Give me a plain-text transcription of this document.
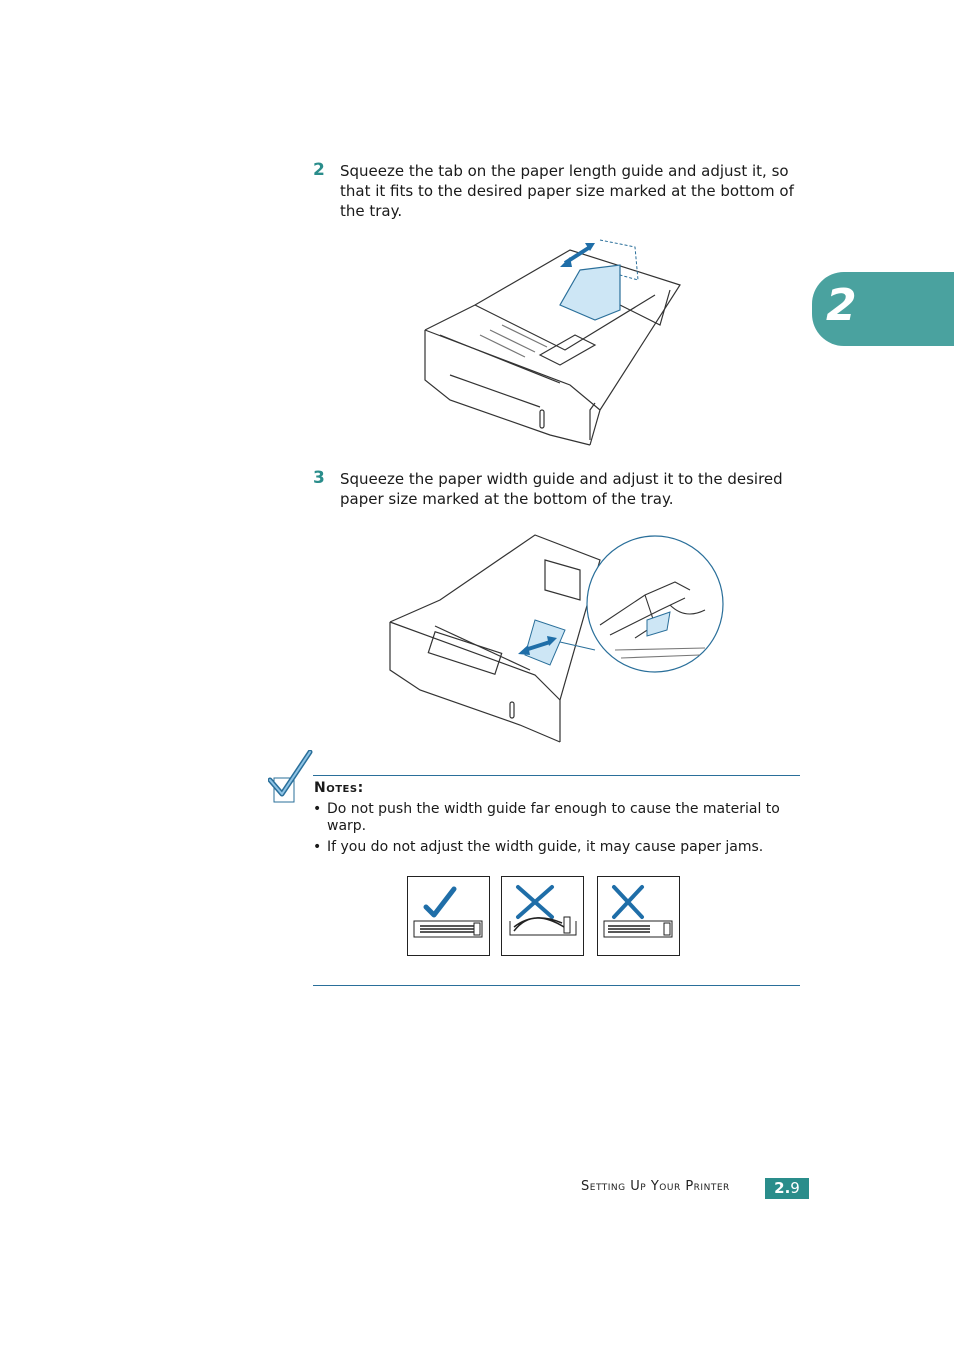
2
2 Squeeze the tab on the paper length guide and adjust it, so that it fits to the desired paper size marked at the bottom of the tray.
3 Squeeze the paper width guide and adjust it to the desired paper size marked at the bottom of the tray.
Notes:
• Do not push the width guide far enough to cause the material to warp.
• If you do not adjust the width guide, it may cause paper jams.
Setting Up Your Printer	2.9
